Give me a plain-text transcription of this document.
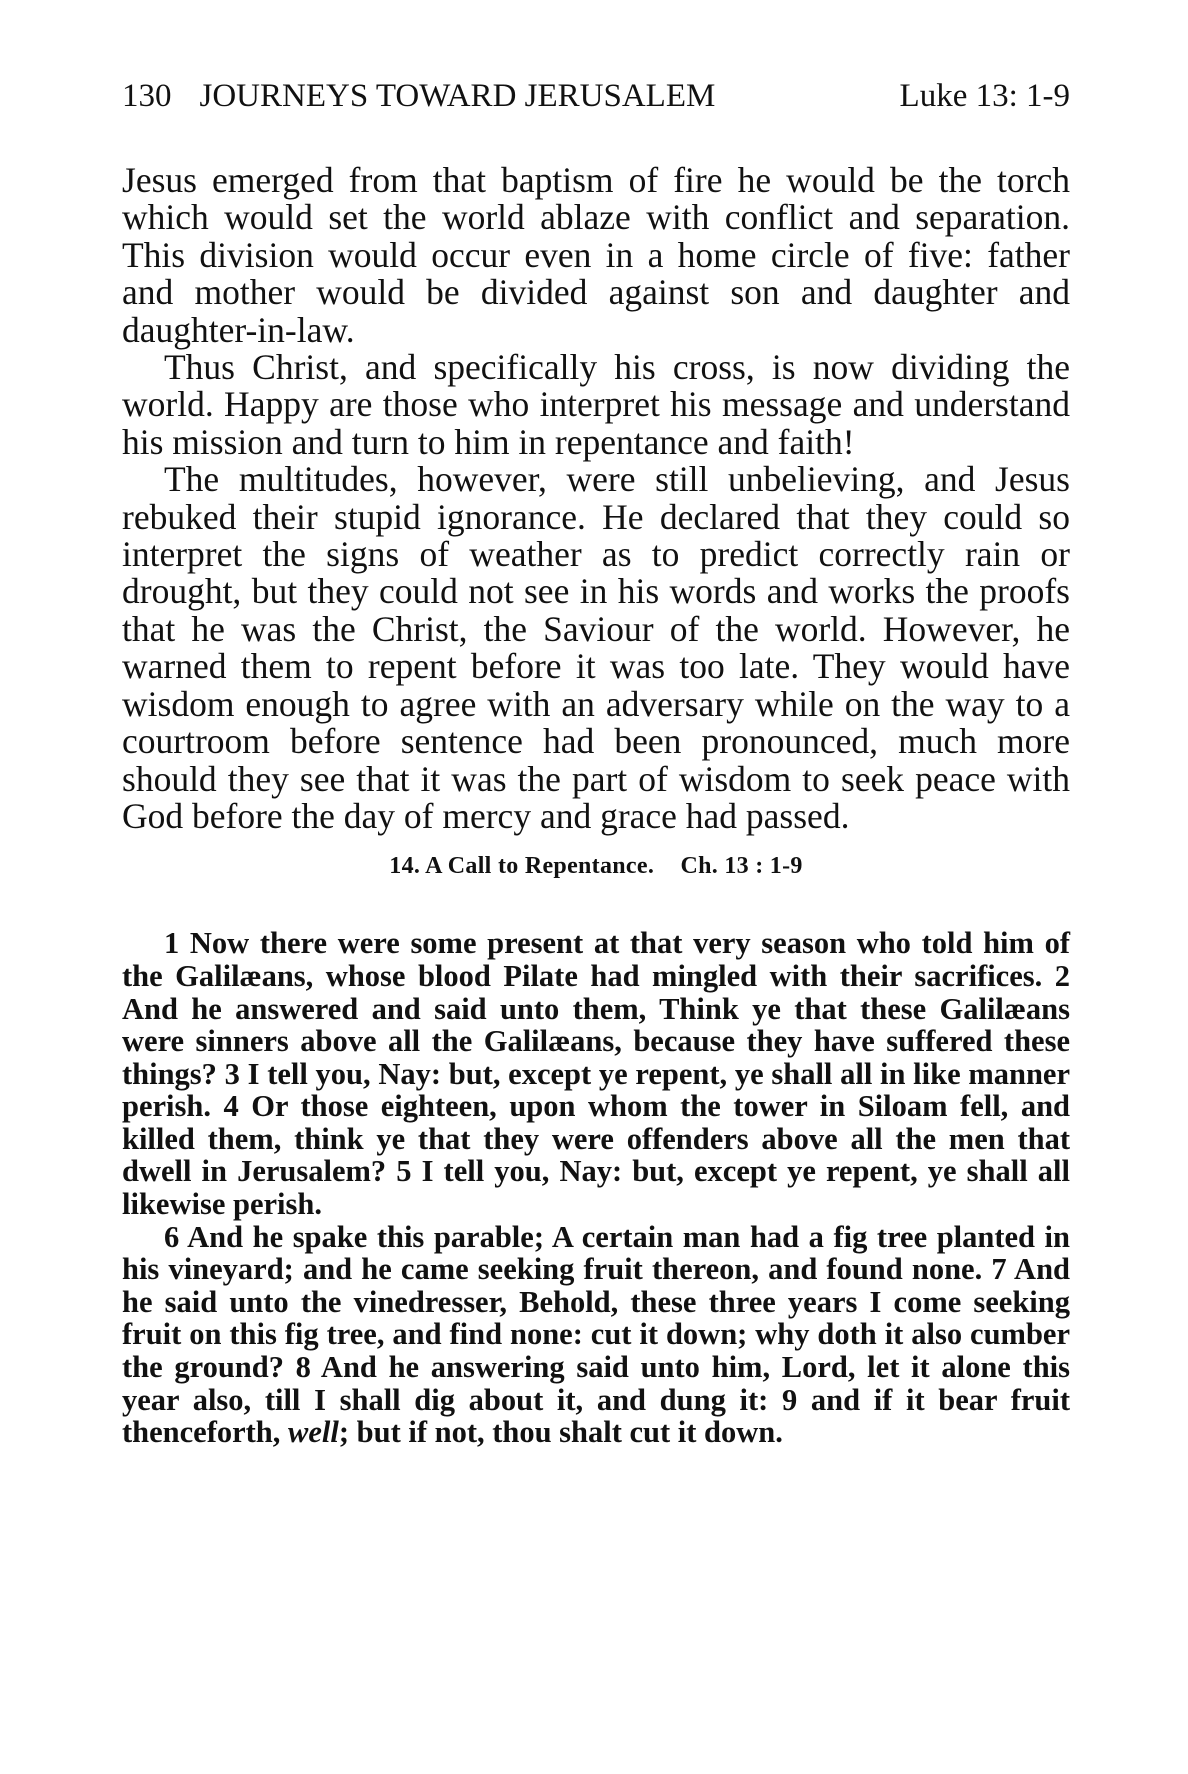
130 JOURNEYS TOWARD JERUSALEM	Luke 13: 1-9

Jesus emerged from that baptism of fire he would be the torch which would set the world ablaze with conflict and separation. This division would occur even in a home circle of five: father and mother would be divided against son and daughter and daughter-in-law.

Thus Christ, and specifically his cross, is now dividing the world. Happy are those who interpret his message and understand his mission and turn to him in repentance and faith!

The multitudes, however, were still unbelieving, and Jesus rebuked their stupid ignorance. He declared that they could so interpret the signs of weather as to predict correctly rain or drought, but they could not see in his words and works the proofs that he was the Christ, the Saviour of the world. However, he warned them to repent before it was too late. They would have wisdom enough to agree with an adversary while on the way to a courtroom before sentence had been pronounced, much more should they see that it was the part of wisdom to seek peace with God before the day of mercy and grace had passed.

14. A Call to Repentance. Ch. 13 : 1-9

1 Now there were some present at that very season who told him of the Galilæans, whose blood Pilate had mingled with their sacrifices. 2 And he answered and said unto them, Think ye that these Galilæans were sinners above all the Galilæans, because they have suffered these things? 3 I tell you, Nay: but, except ye repent, ye shall all in like manner perish. 4 Or those eighteen, upon whom the tower in Siloam fell, and killed them, think ye that they were offenders above all the men that dwell in Jerusalem? 5 I tell you, Nay: but, except ye repent, ye shall all likewise perish.

6 And he spake this parable; A certain man had a fig tree planted in his vineyard; and he came seeking fruit thereon, and found none. 7 And he said unto the vinedresser, Behold, these three years I come seeking fruit on this fig tree, and find none: cut it down; why doth it also cumber the ground? 8 And he answering said unto him, Lord, let it alone this year also, till I shall dig about it, and dung it: 9 and if it bear fruit thenceforth, well; but if not, thou shalt cut it down.
